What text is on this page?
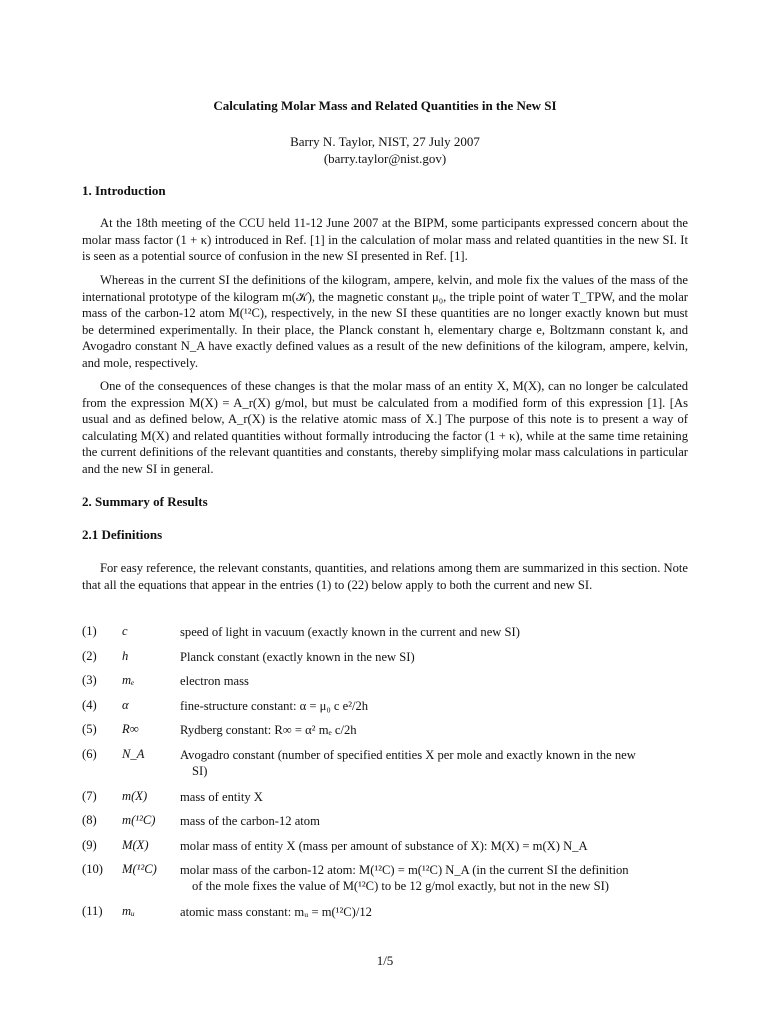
Calculating Molar Mass and Related Quantities in the New SI
Barry N. Taylor, NIST, 27 July 2007
(barry.taylor@nist.gov)
1. Introduction

At the 18th meeting of the CCU held 11-12 June 2007 at the BIPM, some participants expressed concern about the molar mass factor (1 + κ) introduced in Ref. [1] in the calculation of molar mass and related quantities in the new SI. It is seen as a potential source of confusion in the new SI presented in Ref. [1].

Whereas in the current SI the definitions of the kilogram, ampere, kelvin, and mole fix the values of the mass of the international prototype of the kilogram m(𝒦), the magnetic constant μ₀, the triple point of water T_TPW, and the molar mass of the carbon-12 atom M(¹²C), respectively, in the new SI these quantities are no longer exactly known but must be determined experimentally. In their place, the Planck constant h, elementary charge e, Boltzmann constant k, and Avogadro constant N_A have exactly defined values as a result of the new definitions of the kilogram, ampere, kelvin, and mole, respectively.

One of the consequences of these changes is that the molar mass of an entity X, M(X), can no longer be calculated from the expression M(X) = A_r(X) g/mol, but must be calculated from a modified form of this expression [1]. [As usual and as defined below, A_r(X) is the relative atomic mass of X.] The purpose of this note is to present a way of calculating M(X) and related quantities without formally introducing the factor (1 + κ), while at the same time retaining the current definitions of the relevant quantities and constants, thereby simplifying molar mass calculations in particular and the new SI in general.

2. Summary of Results
2.1 Definitions

For easy reference, the relevant constants, quantities, and relations among them are summarized in this section. Note that all the equations that appear in the entries (1) to (22) below apply to both the current and new SI.

(1)	c	speed of light in vacuum (exactly known in the current and new SI)
(2)	h	Planck constant (exactly known in the new SI)
(3)	mₑ	electron mass
(4)	α	fine-structure constant: α = μ₀ c e²/2h
(5)	R∞	Rydberg constant: R∞ = α² mₑ c/2h
(6)	N_A	Avogadro constant (number of specified entities X per mole and exactly known in the new
SI)
(7)	m(X)	mass of entity X
(8)	m(¹²C)	mass of the carbon-12 atom
(9)	M(X)	molar mass of entity X (mass per amount of substance of X): M(X) = m(X) N_A
(10)	M(¹²C)	molar mass of the carbon-12 atom: M(¹²C) = m(¹²C) N_A (in the current SI the definition
of the mole fixes the value of M(¹²C) to be 12 g/mol exactly, but not in the new SI)
(11)	mᵤ	atomic mass constant: mᵤ = m(¹²C)/12
1/5
